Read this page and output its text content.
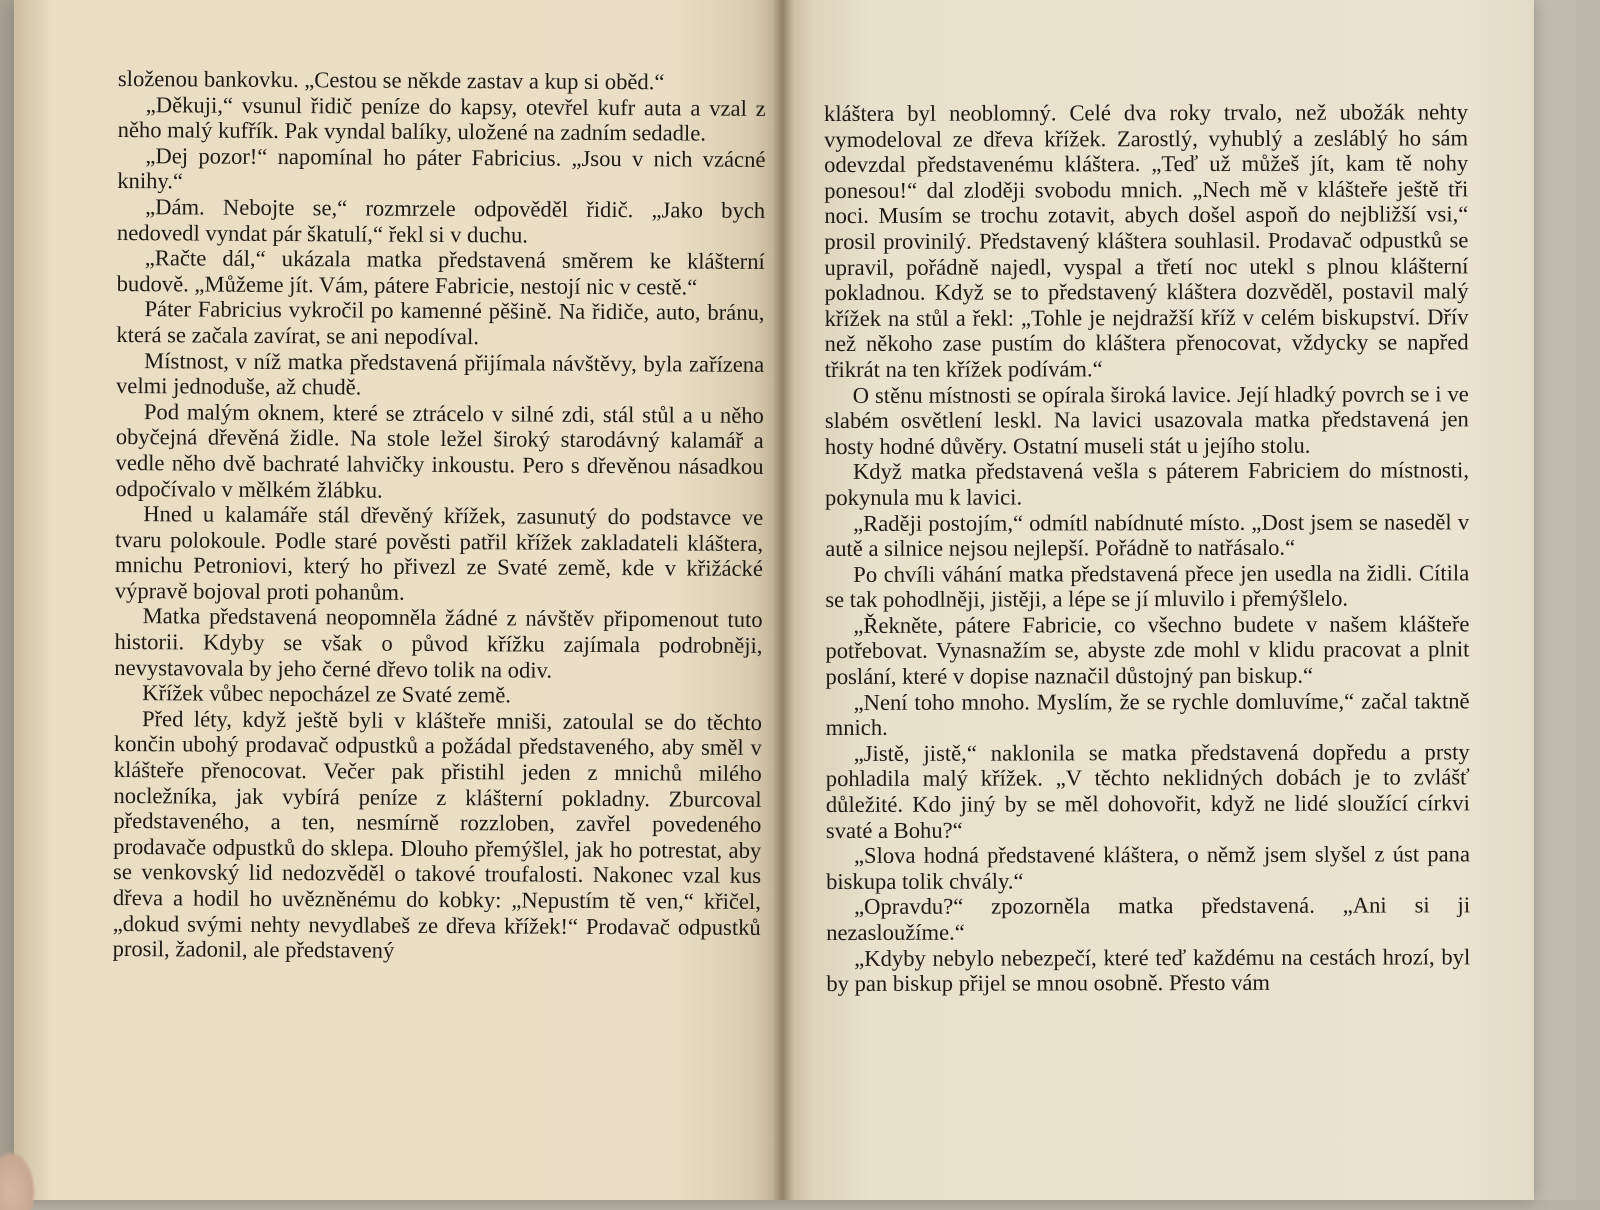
složenou bankovku. „Cestou se někde zastav a kup si oběd.“

„Děkuji,“ vsunul řidič peníze do kapsy, otevřel kufr auta a vzal z něho malý kufřík. Pak vyndal balíky, uložené na zadním sedadle.

„Dej pozor!“ napomínal ho páter Fabricius. „Jsou v nich vzácné knihy.“

„Dám. Nebojte se,“ rozmrzele odpověděl řidič. „Jako bych nedovedl vyndat pár škatulí,“ řekl si v duchu.

„Račte dál,“ ukázala matka představená směrem ke klášterní budově. „Můžeme jít. Vám, pátere Fabricie, nestojí nic v cestě.“

Páter Fabricius vykročil po kamenné pěšině. Na řidiče, auto, bránu, která se začala zavírat, se ani nepodíval.

Místnost, v níž matka představená přijímala návštěvy, byla zařízena velmi jednoduše, až chudě.

Pod malým oknem, které se ztrácelo v silné zdi, stál stůl a u něho obyčejná dřevěná židle. Na stole ležel široký starodávný kalamář a vedle něho dvě bachraté lahvičky inkoustu. Pero s dřevěnou násadkou odpočívalo v mělkém žlábku.

Hned u kalamáře stál dřevěný křížek, zasunutý do podstavce ve tvaru polokoule. Podle staré pověsti patřil křížek zakladateli kláštera, mnichu Petroniovi, který ho přivezl ze Svaté země, kde v křižácké výpravě bojoval proti pohanům.

Matka představená neopomněla žádné z návštěv připomenout tuto historii. Kdyby se však o původ křížku zajímala podrobněji, nevystavovala by jeho černé dřevo tolik na odiv.

Křížek vůbec nepocházel ze Svaté země.

Před léty, když ještě byli v klášteře mniši, zatoulal se do těchto končin ubohý prodavač odpustků a požádal představeného, aby směl v klášteře přenocovat. Večer pak přistihl jeden z mnichů milého nocležníka, jak vybírá peníze z klášterní pokladny. Zburcoval představeného, a ten, nesmírně rozzloben, zavřel povedeného prodavače odpustků do sklepa. Dlouho přemýšlel, jak ho potrestat, aby se venkovský lid nedozvěděl o takové troufalosti. Nakonec vzal kus dřeva a hodil ho uvězněnému do kobky: „Nepustím tě ven,“ křičel, „dokud svými nehty nevydlabeš ze dřeva křížek!“ Prodavač odpustků prosil, žadonil, ale představený

kláštera byl neoblomný. Celé dva roky trvalo, než ubožák nehty vymodeloval ze dřeva křížek. Zarostlý, vyhublý a zesláblý ho sám odevzdal představenému kláštera. „Teď už můžeš jít, kam tě nohy ponesou!“ dal zloději svobodu mnich. „Nech mě v klášteře ještě tři noci. Musím se trochu zotavit, abych došel aspoň do nejbližší vsi,“ prosil provinilý. Představený kláštera souhlasil. Prodavač odpustků se upravil, pořádně najedl, vyspal a třetí noc utekl s plnou klášterní pokladnou. Když se to představený kláštera dozvěděl, postavil malý křížek na stůl a řekl: „Tohle je nejdražší kříž v celém biskupství. Dřív než někoho zase pustím do kláštera přenocovat, vždycky se napřed třikrát na ten křížek podívám.“

O stěnu místnosti se opírala široká lavice. Její hladký povrch se i ve slabém osvětlení leskl. Na lavici usazovala matka představená jen hosty hodné důvěry. Ostatní museli stát u jejího stolu.

Když matka představená vešla s páterem Fabriciem do místnosti, pokynula mu k lavici.

„Raději postojím,“ odmítl nabídnuté místo. „Dost jsem se naseděl v autě a silnice nejsou nejlepší. Pořádně to natřásalo.“

Po chvíli váhání matka představená přece jen usedla na židli. Cítila se tak pohodlněji, jistěji, a lépe se jí mluvilo i přemýšlelo.

„Řekněte, pátere Fabricie, co všechno budete v našem klášteře potřebovat. Vynasnažím se, abyste zde mohl v klidu pracovat a plnit poslání, které v dopise naznačil důstojný pan biskup.“

„Není toho mnoho. Myslím, že se rychle domluvíme,“ začal taktně mnich.

„Jistě, jistě,“ naklonila se matka představená dopředu a prsty pohladila malý křížek. „V těchto neklidných dobách je to zvlášť důležité. Kdo jiný by se měl dohovořit, když ne lidé sloužící církvi svaté a Bohu?“

„Slova hodná představené kláštera, o němž jsem slyšel z úst pana biskupa tolik chvály.“

„Opravdu?“ zpozorněla matka představená. „Ani si ji nezasloužíme.“

„Kdyby nebylo nebezpečí, které teď každému na cestách hrozí, byl by pan biskup přijel se mnou osobně. Přesto vám
